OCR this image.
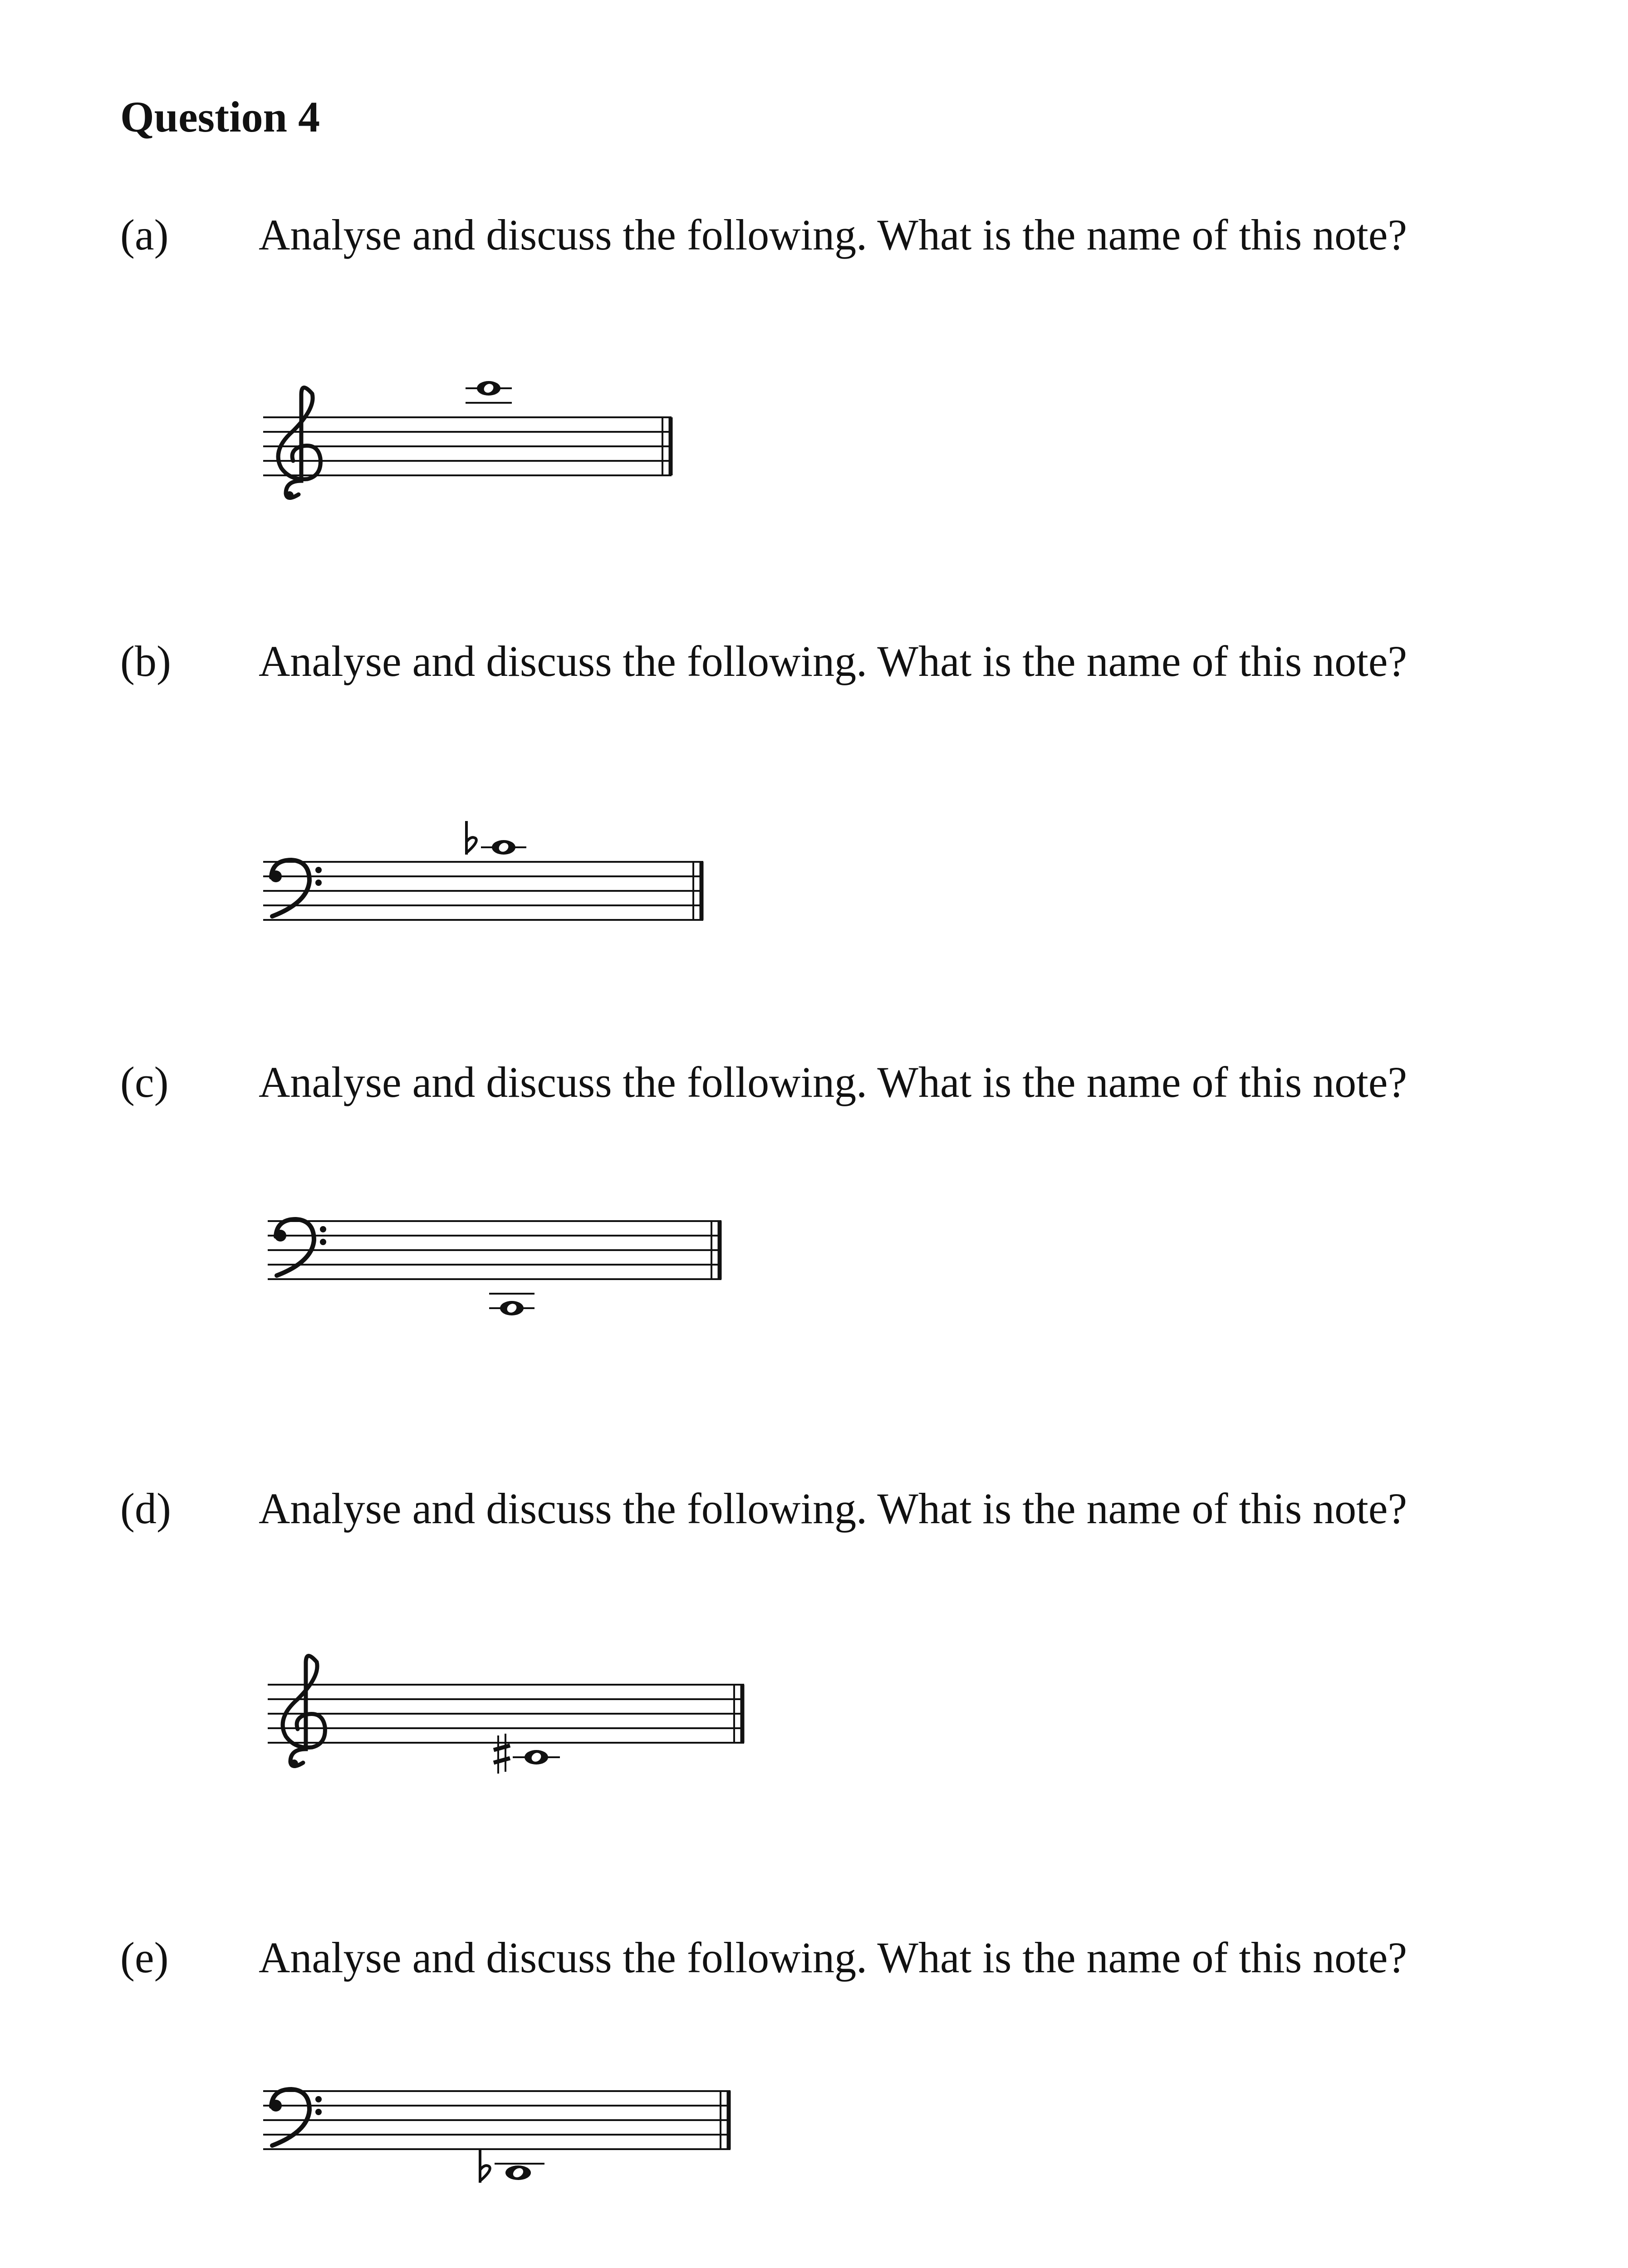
Question 4
(a) Analyse and discuss the following. What is the name of this note?
(b) Analyse and discuss the following. What is the name of this note?
(c) Analyse and discuss the following. What is the name of this note?
(d) Analyse and discuss the following. What is the name of this note?
(e) Analyse and discuss the following. What is the name of this note?
